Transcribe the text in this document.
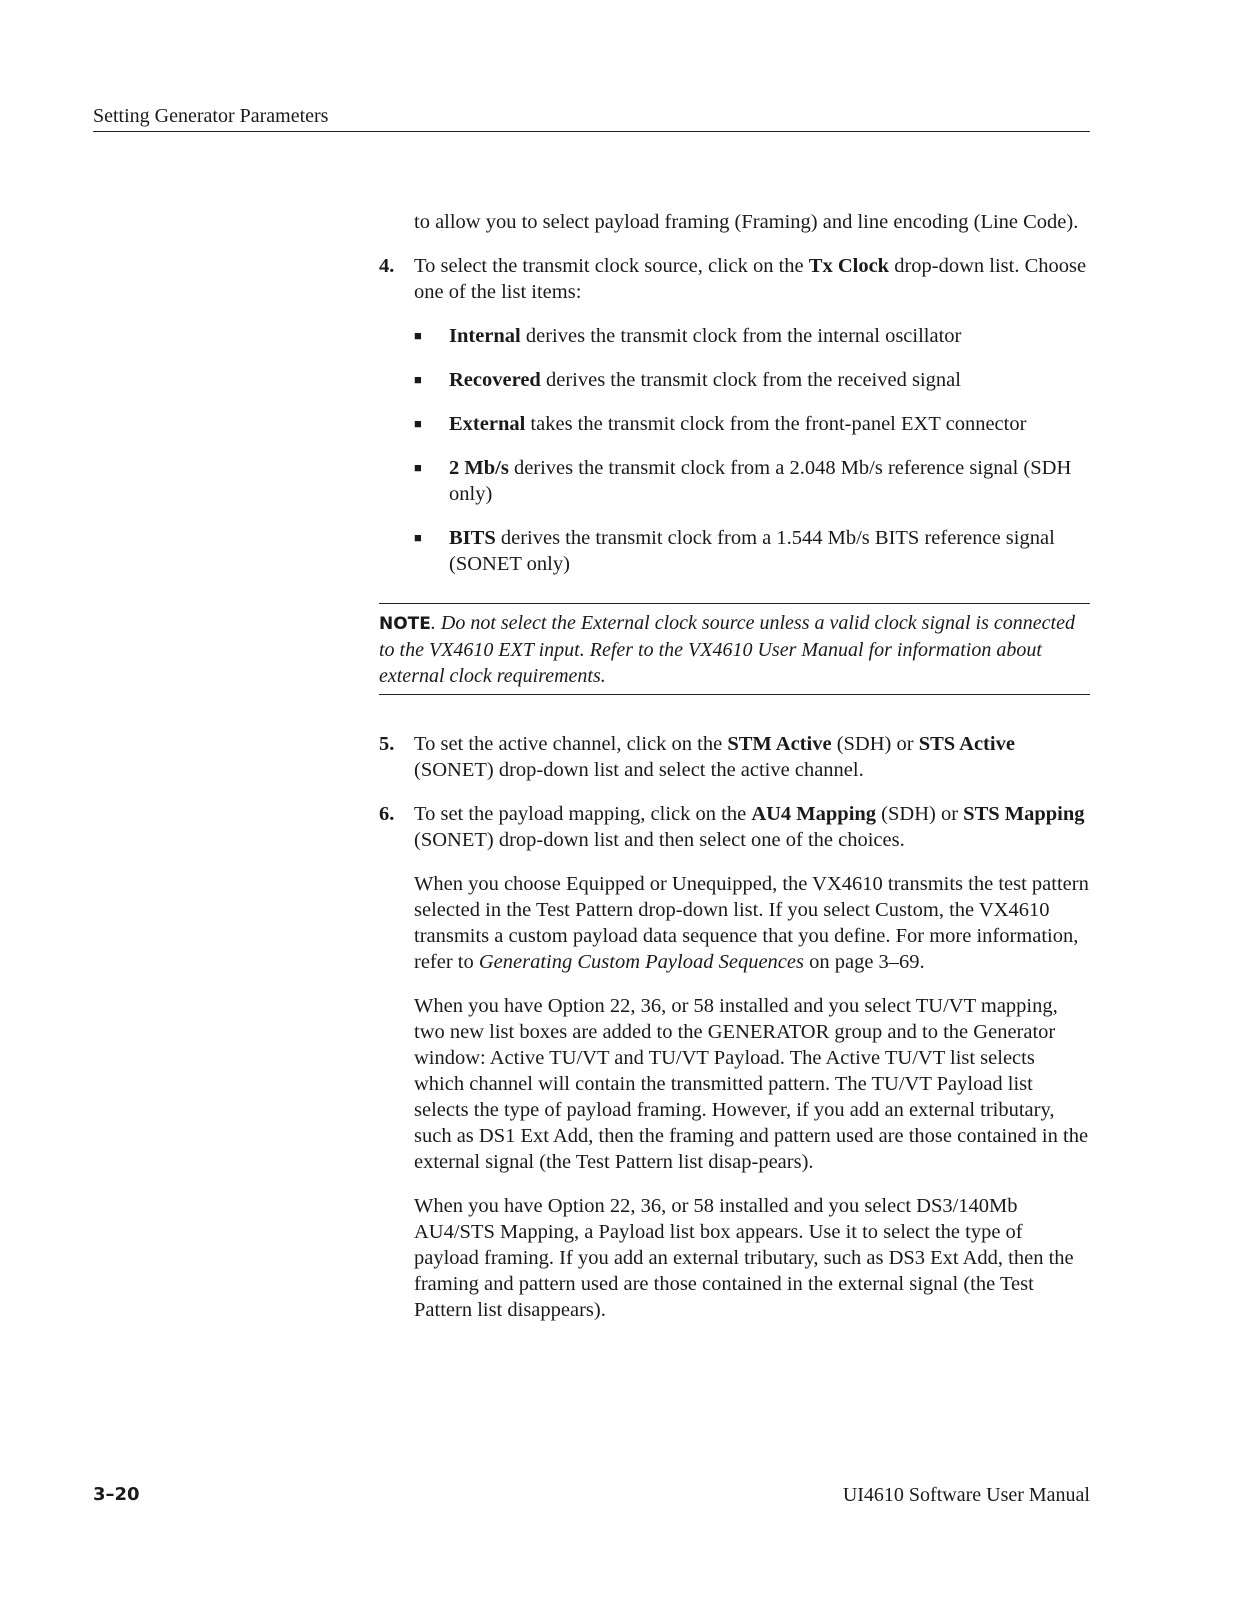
Setting Generator Parameters

to allow you to select payload framing (Framing) and line encoding (Line Code).

4. To select the transmit clock source, click on the Tx Clock drop-down list. Choose one of the list items:
■	Internal derives the transmit clock from the internal oscillator
■	Recovered derives the transmit clock from the received signal
■	External takes the transmit clock from the front-panel EXT connector
■	2 Mb/s derives the transmit clock from a 2.048 Mb/s reference signal (SDH only)
■	BITS derives the transmit clock from a 1.544 Mb/s BITS reference signal (SONET only)
NOTE. Do not select the External clock source unless a valid clock signal is connected to the VX4610 EXT input. Refer to the VX4610 User Manual for information about external clock requirements.
5. To set the active channel, click on the STM Active (SDH) or STS Active (SONET) drop-down list and select the active channel.
6. To set the payload mapping, click on the AU4 Mapping (SDH) or STS Mapping (SONET) drop-down list and then select one of the choices.

When you choose Equipped or Unequipped, the VX4610 transmits the test pattern selected in the Test Pattern drop-down list. If you select Custom, the VX4610 transmits a custom payload data sequence that you define. For more information, refer to Generating Custom Payload Sequences on page 3–69.

When you have Option 22, 36, or 58 installed and you select TU/VT mapping, two new list boxes are added to the GENERATOR group and to the Generator window: Active TU/VT and TU/VT Payload. The Active TU/VT list selects which channel will contain the transmitted pattern. The TU/VT Payload list selects the type of payload framing. However, if you add an external tributary, such as DS1 Ext Add, then the framing and pattern used are those contained in the external signal (the Test Pattern list disap-pears).

When you have Option 22, 36, or 58 installed and you select DS3/140Mb AU4/STS Mapping, a Payload list box appears. Use it to select the type of payload framing. If you add an external tributary, such as DS3 Ext Add, then the framing and pattern used are those contained in the external signal (the Test Pattern list disappears).

3–20	UI4610 Software User Manual
